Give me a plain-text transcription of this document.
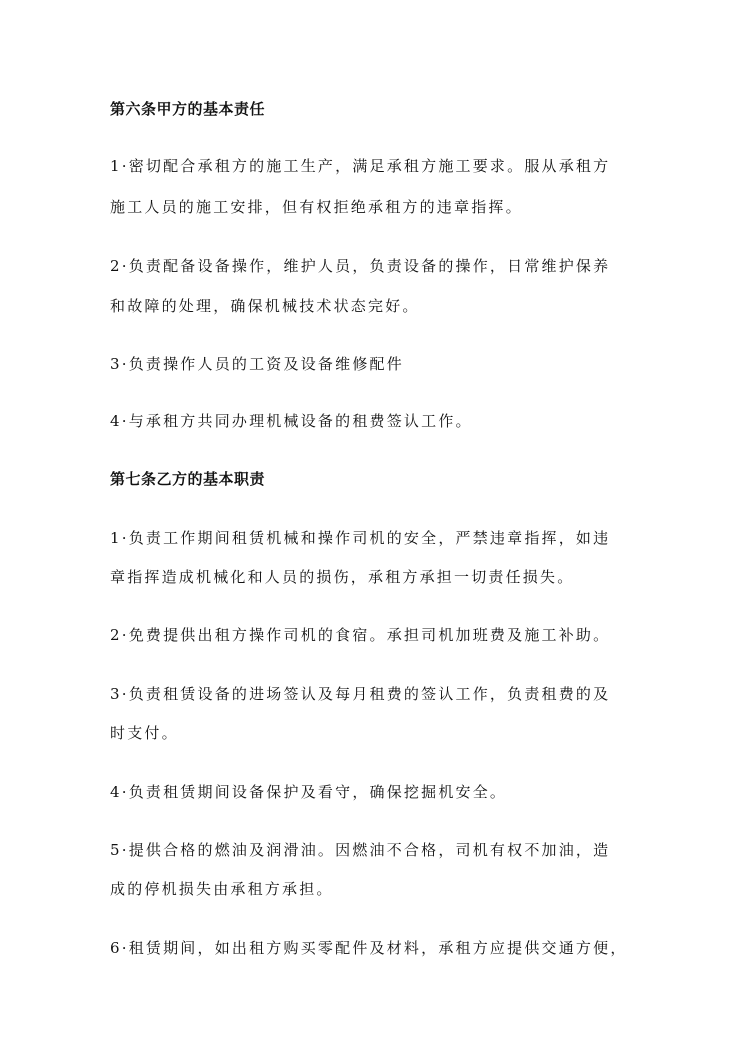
第六条甲方的基本责任
1·密切配合承租方的施工生产，满足承租方施工要求。服从承租方
施工人员的施工安排，但有权拒绝承租方的违章指挥。
2·负责配备设备操作，维护人员，负责设备的操作，日常维护保养
和故障的处理，确保机械技术状态完好。
3·负责操作人员的工资及设备维修配件
4·与承租方共同办理机械设备的租费签认工作。
第七条乙方的基本职责
1·负责工作期间租赁机械和操作司机的安全，严禁违章指挥，如违
章指挥造成机械化和人员的损伤，承租方承担一切责任损失。
2·免费提供出租方操作司机的食宿。承担司机加班费及施工补助。
3·负责租赁设备的进场签认及每月租费的签认工作，负责租费的及
时支付。
4·负责租赁期间设备保护及看守，确保挖掘机安全。
5·提供合格的燃油及润滑油。因燃油不合格，司机有权不加油，造
成的停机损失由承租方承担。
6·租赁期间，如出租方购买零配件及材料，承租方应提供交通方便，
